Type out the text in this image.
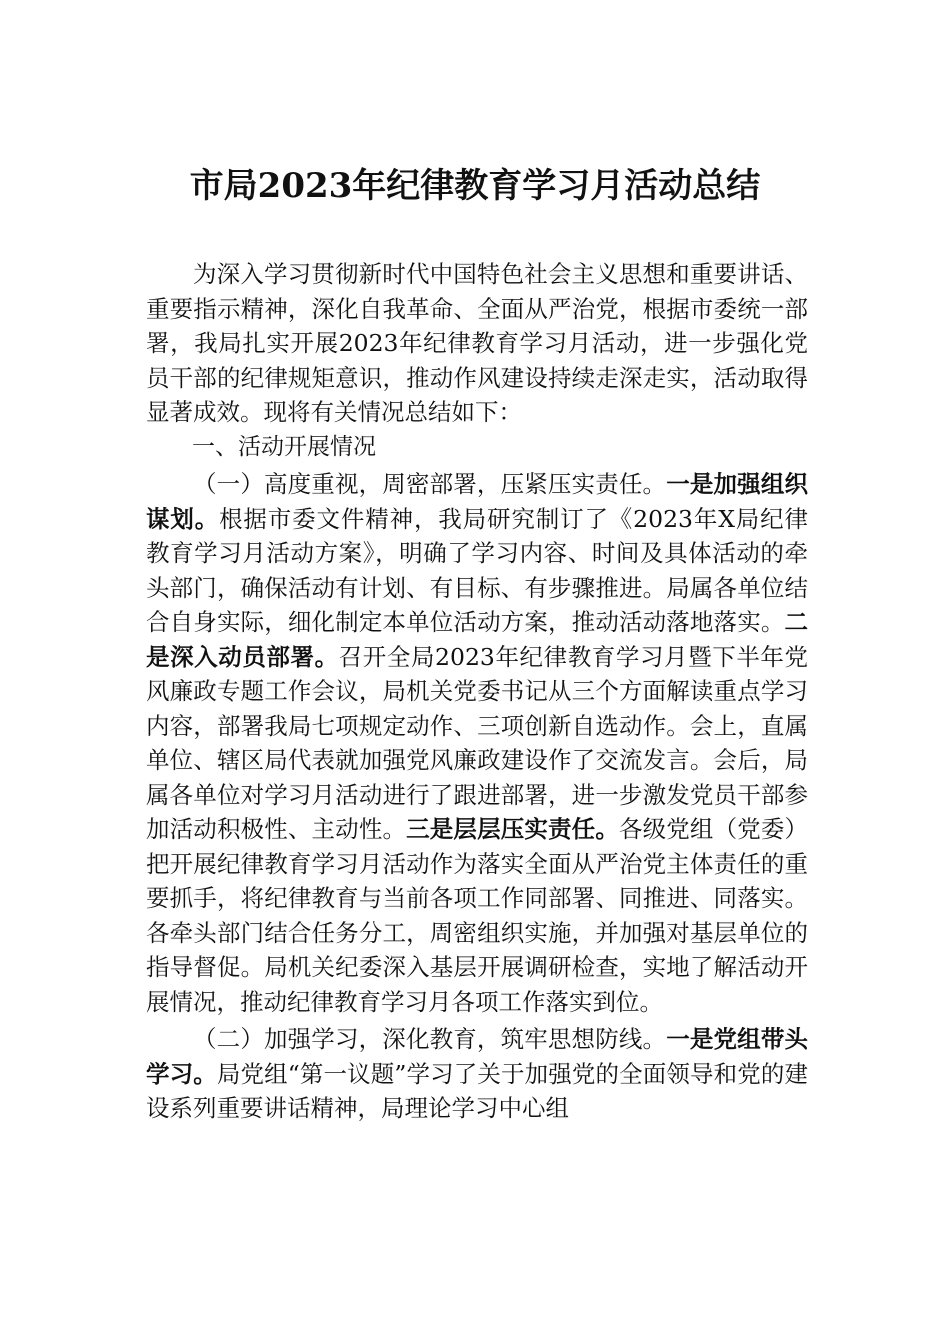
市局2023年纪律教育学习月活动总结

为深入学习贯彻新时代中国特色社会主义思想和重要讲话、重要指示精神，深化自我革命、全面从严治党，根据市委统一部署，我局扎实开展2023年纪律教育学习月活动，进一步强化党员干部的纪律规矩意识，推动作风建设持续走深走实，活动取得显著成效。现将有关情况总结如下：

一、活动开展情况

（一）高度重视，周密部署，压紧压实责任。一是加强组织谋划。根据市委文件精神，我局研究制订了《2023年X局纪律教育学习月活动方案》，明确了学习内容、时间及具体活动的牵头部门，确保活动有计划、有目标、有步骤推进。局属各单位结合自身实际，细化制定本单位活动方案，推动活动落地落实。二是深入动员部署。召开全局2023年纪律教育学习月暨下半年党风廉政专题工作会议，局机关党委书记从三个方面解读重点学习内容，部署我局七项规定动作、三项创新自选动作。会上，直属单位、辖区局代表就加强党风廉政建设作了交流发言。会后，局属各单位对学习月活动进行了跟进部署，进一步激发党员干部参加活动积极性、主动性。三是层层压实责任。各级党组（党委）把开展纪律教育学习月活动作为落实全面从严治党主体责任的重要抓手，将纪律教育与当前各项工作同部署、同推进、同落实。各牵头部门结合任务分工，周密组织实施，并加强对基层单位的指导督促。局机关纪委深入基层开展调研检查，实地了解活动开展情况，推动纪律教育学习月各项工作落实到位。

（二）加强学习，深化教育，筑牢思想防线。一是党组带头学习。局党组“第一议题”学习了关于加强党的全面领导和党的建设系列重要讲话精神，局理论学习中心组
